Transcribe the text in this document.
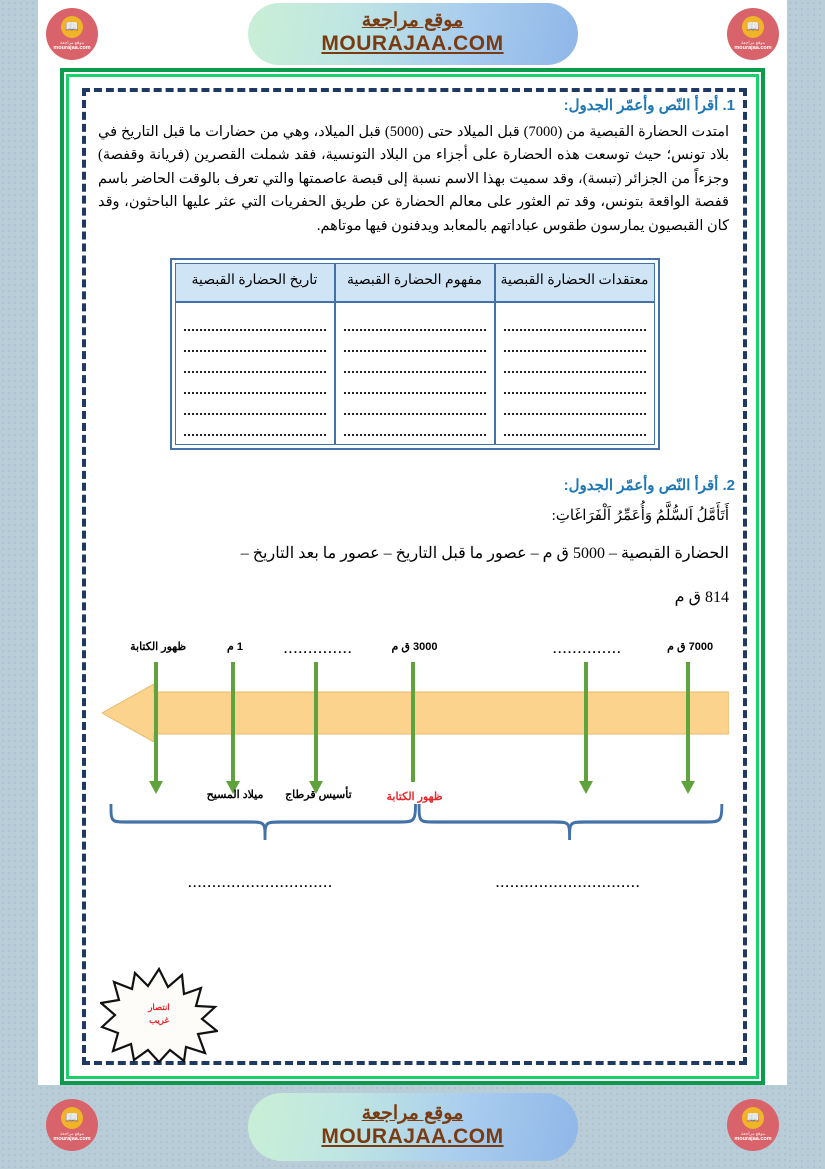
📖
موقع مراجعة
mourajaa.com
موقع مراجعة
MOURAJAA.COM
📖
موقع مراجعة
mourajaa.com
1. أقرأ النّص وأعمّر الجدول:

امتدت الحضارة القبصية من (7000) قبل الميلاد حتى (5000) قبل الميلاد، وهي من حضارات ما قبل التاريخ في بلاد تونس؛ حيث توسعت هذه الحضارة على أجزاء من البلاد التونسية، فقد شملت القصرين (فريانة وقفصة) وجزءاً من الجزائر (تبسة)، وقد سميت بهذا الاسم نسبة إلى قبصة عاصمتها والتي تعرف بالوقت الحاضر باسم قفصة الواقعة بتونس، وقد تم العثور على معالم الحضارة عن طريق الحفريات التي عثر عليها الباحثون، وقد كان القبصيون يمارسون طقوس عباداتهم بالمعابد ويدفنون فيها موتاهم.

معتقدات الحضارة القبصية	مفهوم الحضارة القبصية	تاريخ الحضارة القبصية

2. أقرأ النّص وأعمّر الجدول:
أَتَأَمَّلُ اَلسُّلَّمُ وَأُعَمِّرُ اَلْفَرَاغَاتِ:
الحضارة القبصية – 5000 ق م – عصور ما قبل التاريخ – عصور ما بعد التاريخ –
814 ق م
7000 ق م
..............
3000 ق م
..............
1 م
ظهور الكتابة
ظهور الكتابة
تأسيس قرطاج
ميلاد المسيح
..............................
..............................
انتصار
غريب
📖
موقع مراجعة
mourajaa.com
موقع مراجعة
MOURAJAA.COM
📖
موقع مراجعة
mourajaa.com
